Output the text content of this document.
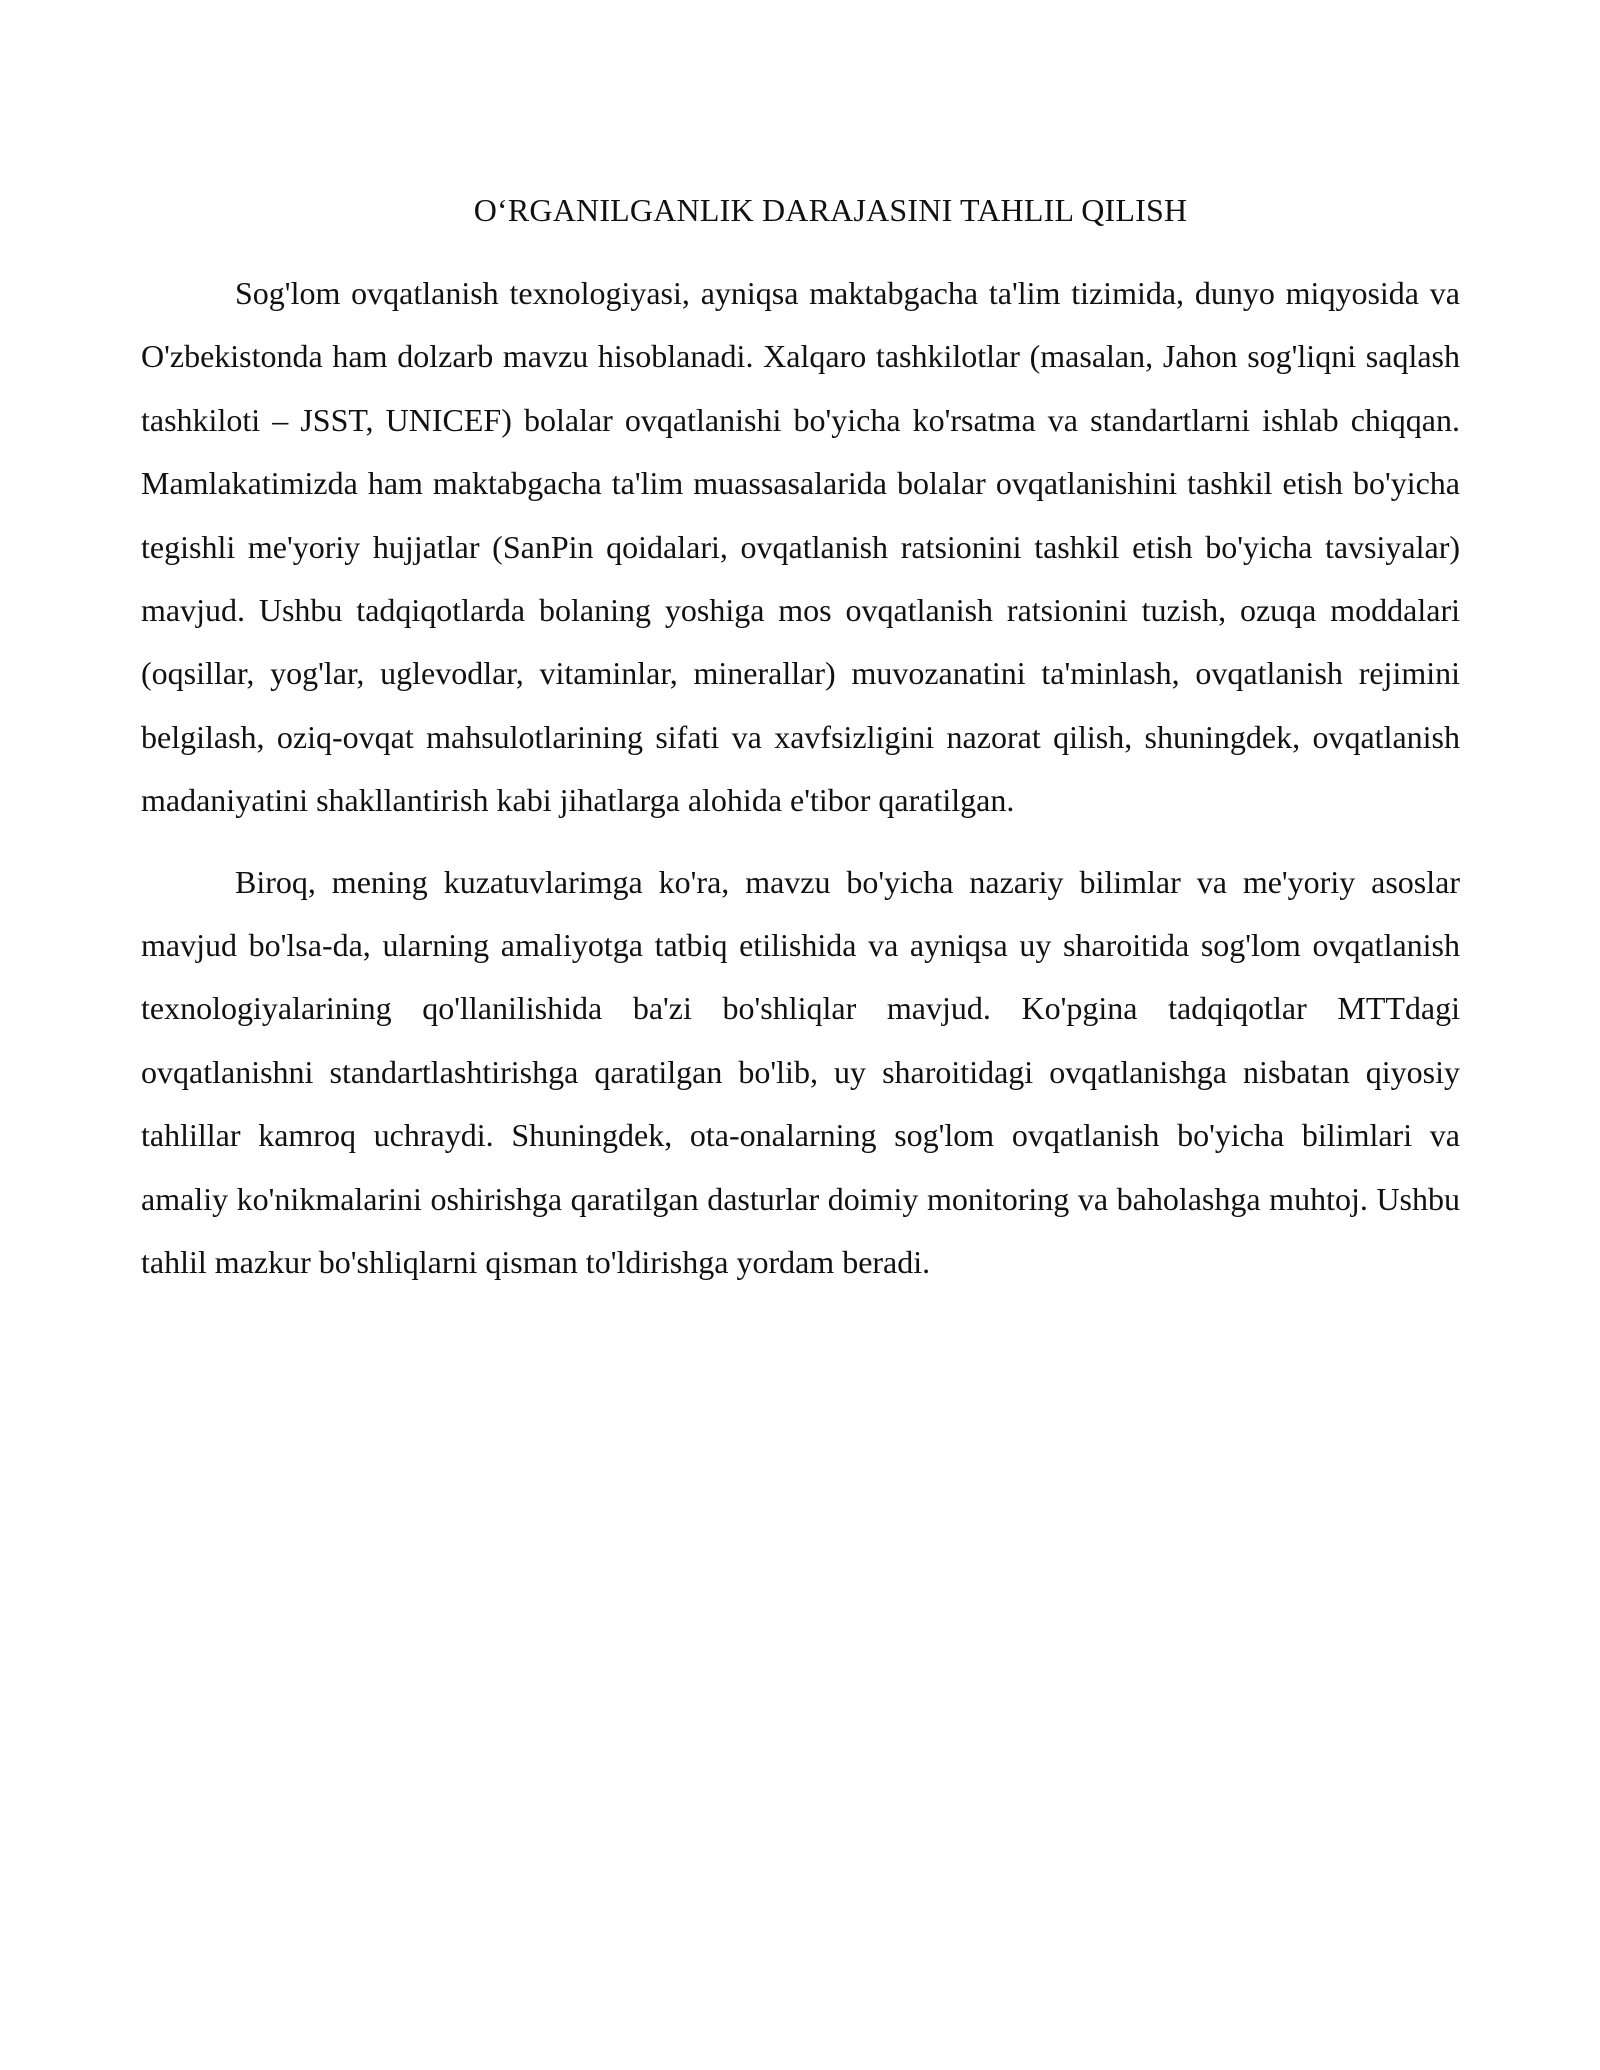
O‘RGANILGANLIK DARAJASINI TAHLIL QILISH

Sog'lom ovqatlanish texnologiyasi, ayniqsa maktabgacha ta'lim tizimida, dunyo miqyosida va O'zbekistonda ham dolzarb mavzu hisoblanadi. Xalqaro tashkilotlar (masalan, Jahon sog'liqni saqlash tashkiloti – JSST, UNICEF) bolalar ovqatlanishi bo'yicha ko'rsatma va standartlarni ishlab chiqqan. Mamlakatimizda ham maktabgacha ta'lim muassasalarida bolalar ovqatlanishini tashkil etish bo'yicha tegishli me'yoriy hujjatlar (SanPin qoidalari, ovqatlanish ratsionini tashkil etish bo'yicha tavsiyalar) mavjud. Ushbu tadqiqotlarda bolaning yoshiga mos ovqatlanish ratsionini tuzish, ozuqa moddalari (oqsillar, yog'lar, uglevodlar, vitaminlar, minerallar) muvozanatini ta'minlash, ovqatlanish rejimini belgilash, oziq-ovqat mahsulotlarining sifati va xavfsizligini nazorat qilish, shuningdek, ovqatlanish madaniyatini shakllantirish kabi jihatlarga alohida e'tibor qaratilgan.

Biroq, mening kuzatuvlarimga ko'ra, mavzu bo'yicha nazariy bilimlar va me'yoriy asoslar mavjud bo'lsa-da, ularning amaliyotga tatbiq etilishida va ayniqsa uy sharoitida sog'lom ovqatlanish texnologiyalarining qo'llanilishida ba'zi bo'shliqlar mavjud. Ko'pgina tadqiqotlar MTTdagi ovqatlanishni standartlashtirishga qaratilgan bo'lib, uy sharoitidagi ovqatlanishga nisbatan qiyosiy tahlillar kamroq uchraydi. Shuningdek, ota-onalarning sog'lom ovqatlanish bo'yicha bilimlari va amaliy ko'nikmalarini oshirishga qaratilgan dasturlar doimiy monitoring va baholashga muhtoj. Ushbu tahlil mazkur bo'shliqlarni qisman to'ldirishga yordam beradi.
